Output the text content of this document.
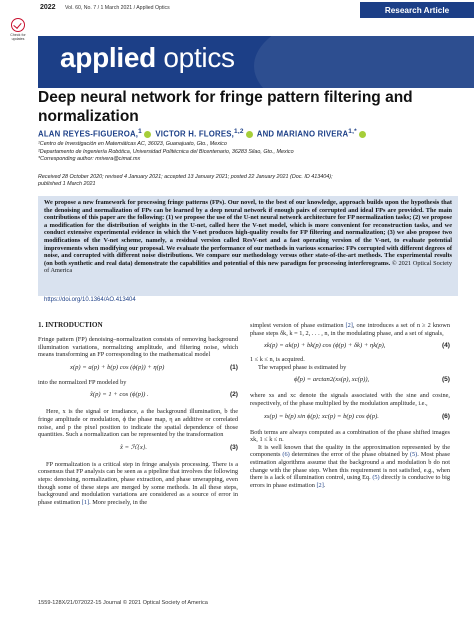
2022 Vol. 60, No. 7 / 1 March 2021 / Applied Optics	Research Article
Check for updates
applied optics
Deep neural network for fringe pattern filtering and normalization
ALAN REYES-FIGUEROA,$^1$ VICTOR H. FLORES,$^{1,2}$ AND MARIANO $RIVERA^{1,*}$
¹Centro de Investigación en Matemáticas AC, 36023, Guanajuato, Gto., Mexico
²Departamento de Ingeniería Robótica, Universidad Politécnica del Bicentenario, 36283 Silao, Gto., Mexico
*Corresponding author: mrivera@cimat.mx
Received 28 October 2020; revised 4 January 2021; accepted 13 January 2021; posted 22 January 2021 (Doc. ID 413404);
published 1 March 2021

We propose a new framework for processing fringe patterns (FPs). Our novel, to the best of our knowledge, approach builds upon the hypothesis that the denoising and normalization of FPs can be learned by a deep neural network if enough pairs of corrupted and ideal FPs are provided. The main contributions of this paper are the following: (1) we propose the use of the U-net neural network architecture for FP normalization tasks; (2) we propose a modification for the distribution of weights in the U-net, called here the V-net model, which is more convenient for reconstruction tasks, and we conduct extensive experimental evidence in which the V-net produces high-quality results for FP filtering and normalization; (3) we also propose two modifications of the V-net scheme, namely, a residual version called ResV-net and a fast operating version of the V-net, to evaluate potential improvements when modifying our proposal. We evaluate the performance of our methods in various scenarios: FPs corrupted with different degrees of noise, and corrupted with different noise distributions. We compare our methodology versus other state-of-the-art methods. The experimental results (on both synthetic and real data) demonstrate the capabilities and potential of this new paradigm for processing interferograms. © 2021 Optical Society of America

https://doi.org/10.1364/AO.413404
1. INTRODUCTION

Fringe pattern (FP) denoising–normalization consists of removing background illumination variations, normalizing amplitude, and filtering noise, which means transforming an FP corresponding to the mathematical model

x(p) = a(p) + b(p) cos (ϕ(p)) + η(p)	(1)

into the normalized FP modeled by

x̂(p) = 1 + cos (ϕ(p)) .	(2)

Here, x is the signal or irradiance, a the background illumination, b the fringe amplitude or modulation, ϕ the phase map, η an additive or correlated noise, and p the pixel position to indicate the spatial dependence of those quantities. Such a normalization can be represented by the transformation

x̂ = ℋ{x}.	(3)

FP normalization is a critical step in fringe analysis processing. There is a consensus that FP analysis can be seen as a pipeline that involves the following steps: denoising, normalization, phase extraction, and phase unwrapping, even though some of these steps are merged by some methods. In all these steps, background and modulation variations are considered as a source of error in phase estimation [1]. More precisely, in the

simplest version of phase estimation [2], one introduces a set of n ≥ 2 known phase steps δk, k = 1, 2, . . . , n, in the modulating phase, and a set of signals,

xk(p) = ak(p) + bk(p) cos (ϕ(p) + δk) + ηk(p),	(4)

1 ≤ k ≤ n, is acquired.

The wrapped phase is estimated by

ϕ̂(p) = arctan2(xs(p), xc(p)),	(5)

where xs and xc denote the signals associated with the sine and cosine, respectively, of the phase multiplied by the modulation amplitude, i.e.,

xs(p) = b(p) sin ϕ(p); xc(p) = b(p) cos ϕ(p).	(6)

Both terms are always computed as a combination of the phase shifted images xk, 1 ≤ k ≤ n.

It is well known that the quality in the approximation represented by the components (6) determines the error of the phase obtained by (5). Most phase estimation algorithms assume that the background a and modulation b do not change with the phase step. When this requirement is not satisfied, e.g., when there is a lack of illumination control, using Eq. (5) directly is conducive to big errors in phase estimation [2].

1559-128X/21/072022-15 Journal © 2021 Optical Society of America
